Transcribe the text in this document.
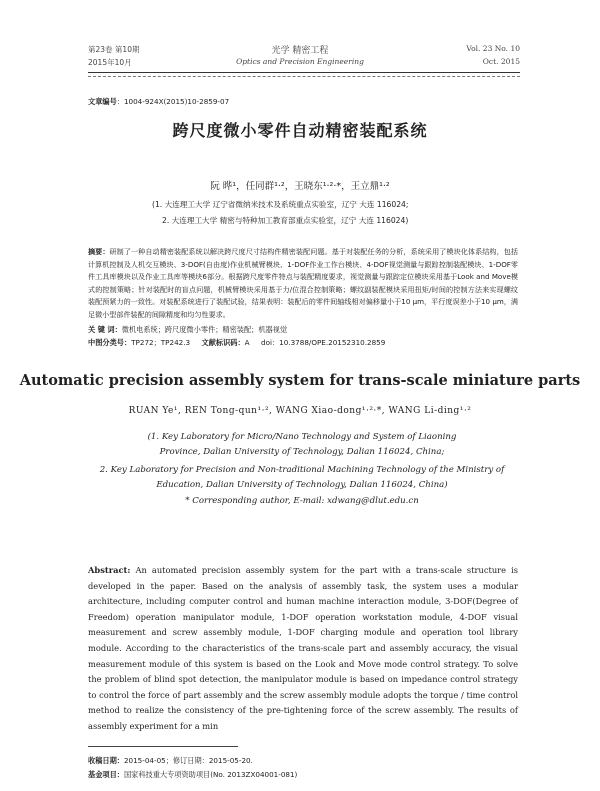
第23卷 第10期
2015年10月
光学 精密工程
Optics and Precision Engineering
Vol. 23 No. 10
Oct. 2015
文章编号：1004-924X(2015)10-2859-07
跨尺度微小零件自动精密装配系统
阮 晔¹，任同群¹·²，王晓东¹·²·*，王立鼎¹·²
(1. 大连理工大学 辽宁省微纳米技术及系统重点实验室，辽宁 大连 116024;
2. 大连理工大学 精密与特种加工教育部重点实验室，辽宁 大连 116024)
摘要：研制了一种自动精密装配系统以解决跨尺度尺寸结构件精密装配问题。基于对装配任务的分析，系统采用了模块化体系结构，包括计算机控制及人机交互模块、3-DOF(自由度)作业机械臂模块、1-DOF作业工作台模块、4-DOF视觉测量与跟踪控制装配模块、1-DOF零件工具库模块以及作业工具库等模块6部分。根据跨尺度零件特点与装配精度要求，视觉测量与跟踪定位模块采用基于Look and Move模式的控制策略；针对装配时的盲点问题，机械臂模块采用基于力/位混合控制策略；螺纹副装配模块采用扭矩/时间的控制方法来实现螺纹装配预紧力的一致性。对装配系统进行了装配试验，结果表明：装配后的零件间轴线相对偏移量小于10 μm，平行度误差小于10 μm，满足微小型部件装配的间隙精度和均匀性要求。
关 键 词：微机电系统；跨尺度微小零件；精密装配；机器视觉
中图分类号：TP272；TP242.3 文献标识码：A doi：10.3788/OPE.20152310.2859
Automatic precision assembly system for trans-scale miniature parts
RUAN Ye¹, REN Tong-qun¹·², WANG Xiao-dong¹·²·*, WANG Li-ding¹·²
(1. Key Laboratory for Micro/Nano Technology and System of Liaoning
Province, Dalian University of Technology, Dalian 116024, China;
2. Key Laboratory for Precision and Non-traditional Machining Technology of the Ministry of
Education, Dalian University of Technology, Dalian 116024, China)
* Corresponding author, E-mail: xdwang@dlut.edu.cn
Abstract: An automated precision assembly system for the part with a trans-scale structure is developed in the paper. Based on the analysis of assembly task, the system uses a modular architecture, including computer control and human machine interaction module, 3-DOF(Degree of Freedom) operation manipulator module, 1-DOF operation workstation module, 4-DOF visual measurement and screw assembly module, 1-DOF charging module and operation tool library module. According to the characteristics of the trans-scale part and assembly accuracy, the visual measurement module of this system is based on the Look and Move mode control strategy. To solve the problem of blind spot detection, the manipulator module is based on impedance control strategy to control the force of part assembly and the screw assembly module adopts the torque / time control method to realize the consistency of the pre-tightening force of the screw assembly. The results of assembly experiment for a min
收稿日期：2015-04-05；修订日期：2015-05-20.
基金项目：国家科技重大专项资助项目(No. 2013ZX04001-081)
